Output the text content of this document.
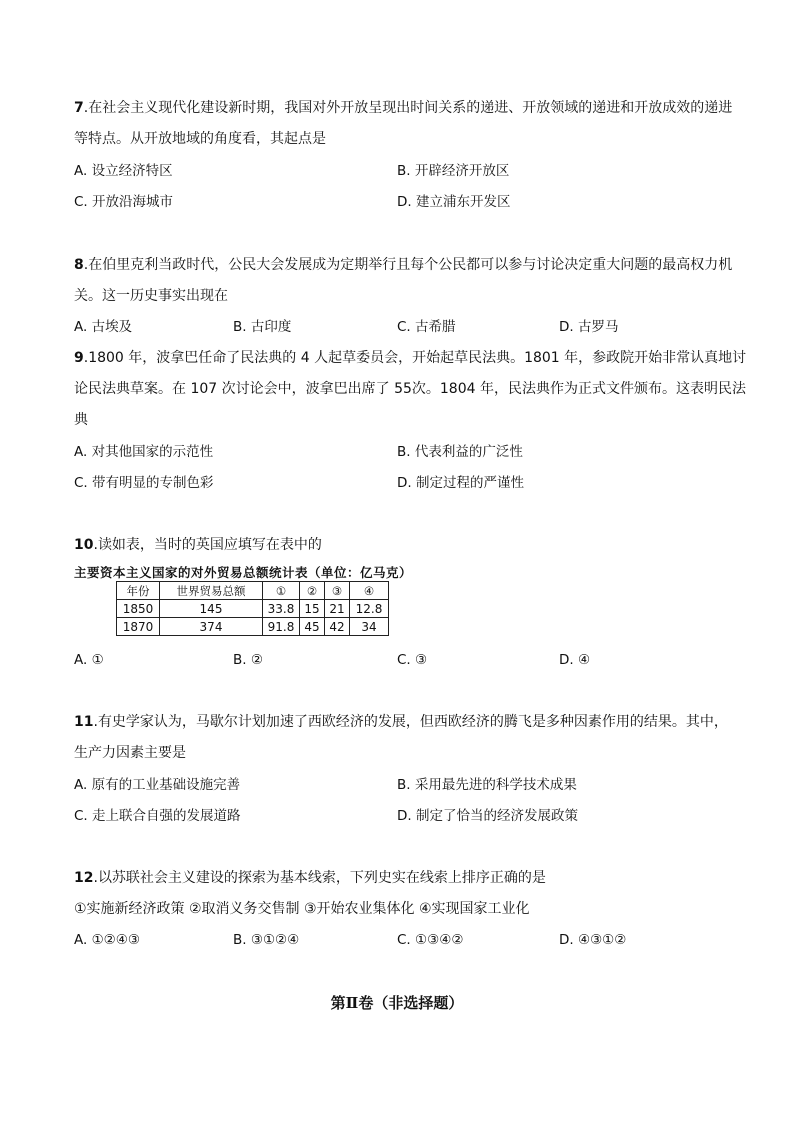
7.在社会主义现代化建设新时期，我国对外开放呈现出时间关系的递进、开放领域的递进和开放成效的递进
等特点。从开放地域的角度看，其起点是
A. 设立经济特区	B. 开辟经济开放区
C. 开放沿海城市	D. 建立浦东开发区
8.在伯里克利当政时代，公民大会发展成为定期举行且每个公民都可以参与讨论决定重大问题的最高权力机
关。这一历史事实出现在
A. 古埃及	B. 古印度	C. 古希腊	D. 古罗马
9.1800 年，波拿巴任命了民法典的 4 人起草委员会，开始起草民法典。1801 年，参政院开始非常认真地讨
论民法典草案。在 107 次讨论会中，波拿巴出席了 55次。1804 年，民法典作为正式文件颁布。这表明民法
典
A. 对其他国家的示范性	B. 代表利益的广泛性
C. 带有明显的专制色彩	D. 制定过程的严谨性
10.读如表，当时的英国应填写在表中的
主要资本主义国家的对外贸易总额统计表（单位：亿马克）
年份	世界贸易总额	①	②	③	④
1850	145	33.8	15	21	12.8
1870	374	91.8	45	42	34
A. ①	B. ②	C. ③	D. ④
11.有史学家认为，马歇尔计划加速了西欧经济的发展，但西欧经济的腾飞是多种因素作用的结果。其中，
生产力因素主要是
A. 原有的工业基础设施完善	B. 采用最先进的科学技术成果
C. 走上联合自强的发展道路	D. 制定了恰当的经济发展政策
12.以苏联社会主义建设的探索为基本线索，下列史实在线索上排序正确的是
①实施新经济政策 ②取消义务交售制 ③开始农业集体化 ④实现国家工业化
A. ①②④③	B. ③①②④	C. ①③④②	D. ④③①②
第Ⅱ卷（非选择题）
